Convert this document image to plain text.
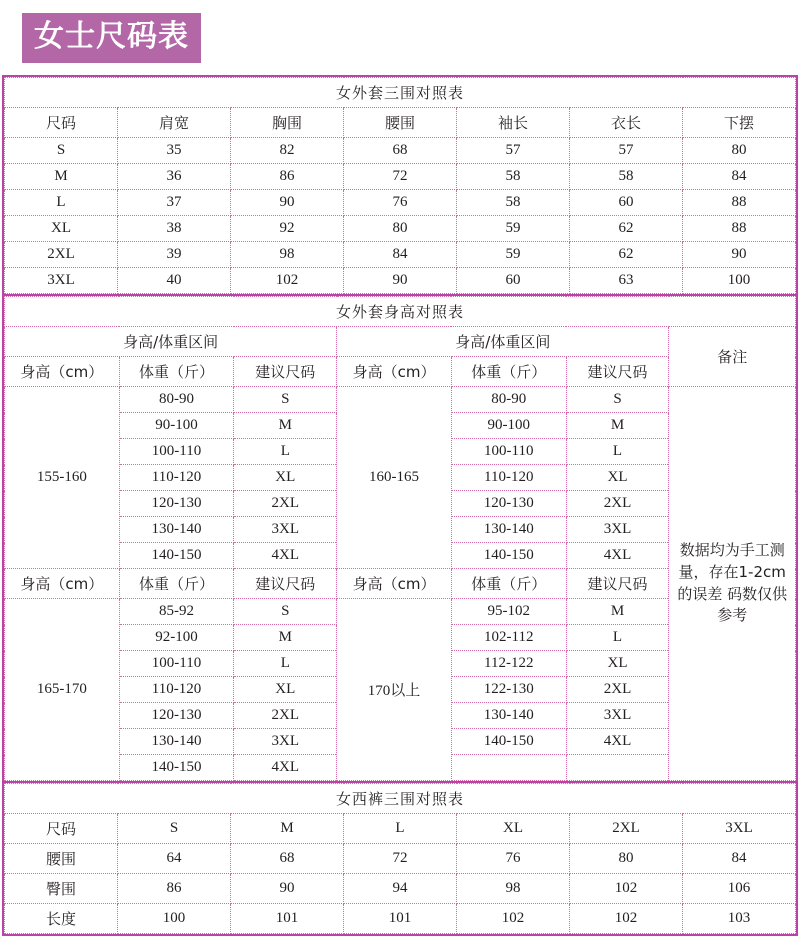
女士尺码表
女外套三围对照表						
尺码	肩宽	胸围	腰围	袖长	衣长	下摆
S	35	82	68	57	57	80
M	36	86	72	58	58	84
L	37	90	76	58	60	88
XL	38	92	80	59	62	88
2XL	39	98	84	59	62	90
3XL	40	102	90	60	63	100
女外套身高对照表						
身高/体重区间			身高/体重区间			备注
身高（cm）	体重（斤）	建议尺码	身高（cm）	体重（斤）	建议尺码	
155-160	80-90	S	160-165	80-90	S	数据均为手工测量，存在1-2cm的误差 码数仅供参考
	90-100	M		90-100	M	
	100-110	L		100-110	L	
	110-120	XL		110-120	XL	
	120-130	2XL		120-130	2XL	
	130-140	3XL		130-140	3XL	
	140-150	4XL		140-150	4XL	
身高（cm）	体重（斤）	建议尺码	身高（cm）	体重（斤）	建议尺码	
165-170	85-92	S	170以上	95-102	M	
	92-100	M		102-112	L	
	100-110	L		112-122	XL	
	110-120	XL		122-130	2XL	
	120-130	2XL		130-140	3XL	
	130-140	3XL		140-150	4XL	
	140-150	4XL				
女西裤三围对照表						
尺码	S	M	L	XL	2XL	3XL
腰围	64	68	72	76	80	84
臀围	86	90	94	98	102	106
长度	100	101	101	102	102	103
